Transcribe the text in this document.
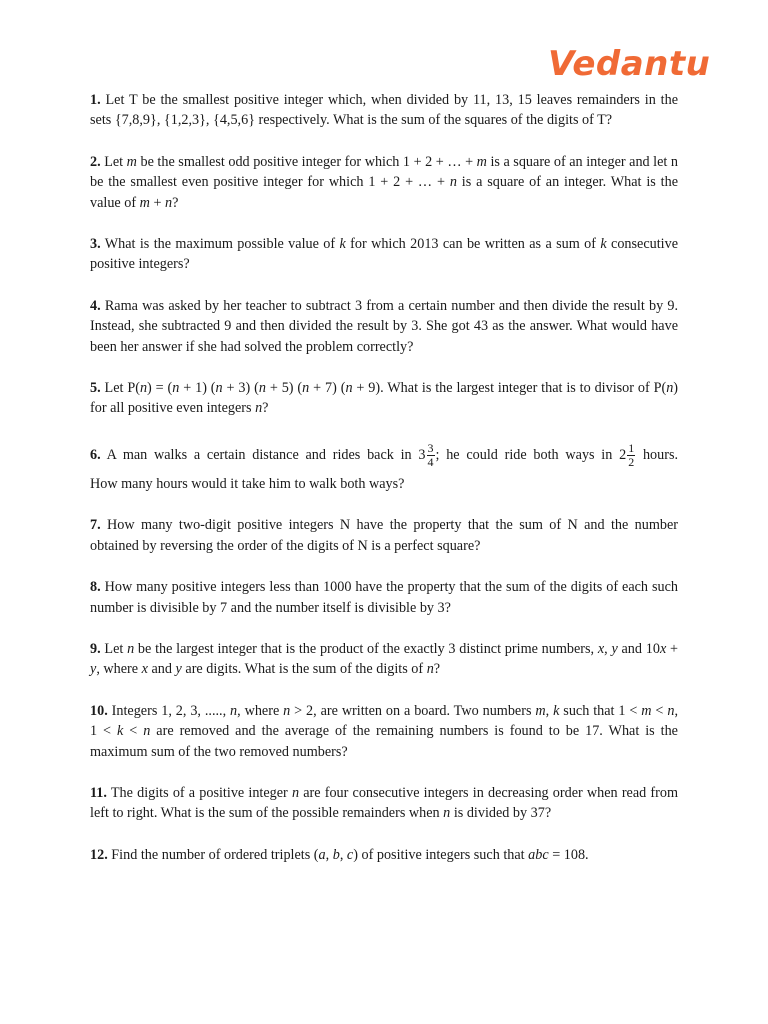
Vedantu

1. Let T be the smallest positive integer which, when divided by 11, 13, 15 leaves remainders in the sets {7,8,9}, {1,2,3}, {4,5,6} respectively. What is the sum of the squares of the digits of T?

2. Let m be the smallest odd positive integer for which 1 + 2 + … + m is a square of an integer and let n be the smallest even positive integer for which 1 + 2 + … + n is a square of an integer. What is the value of m + n?

3. What is the maximum possible value of k for which 2013 can be written as a sum of k consecutive positive integers?

4. Rama was asked by her teacher to subtract 3 from a certain number and then divide the result by 9. Instead, she subtracted 9 and then divided the result by 3. She got 43 as the answer. What would have been her answer if she had solved the problem correctly?

5. Let P(n) = (n + 1) (n + 3) (n + 5) (n + 7) (n + 9). What is the largest integer that is to divisor of P(n) for all positive even integers n?

6. A man walks a certain distance and rides back in $3 \frac{3}{4}$ ; he could ride both ways in $2 \frac{1}{2}$ hours.
How many hours would it take him to walk both ways?

7. How many two-digit positive integers N have the property that the sum of N and the number obtained by reversing the order of the digits of N is a perfect square?

8. How many positive integers less than 1000 have the property that the sum of the digits of each such number is divisible by 7 and the number itself is divisible by 3?

9. Let n be the largest integer that is the product of the exactly 3 distinct prime numbers, x, y and 10x + y, where x and y are digits. What is the sum of the digits of n?

10. Integers 1, 2, 3, ....., n, where n > 2, are written on a board. Two numbers m, k such that 1 < m < n, 1 < k < n are removed and the average of the remaining numbers is found to be 17. What is the maximum sum of the two removed numbers?

11. The digits of a positive integer n are four consecutive integers in decreasing order when read from left to right. What is the sum of the possible remainders when n is divided by 37?

12. Find the number of ordered triplets (a, b, c) of positive integers such that abc = 108.
